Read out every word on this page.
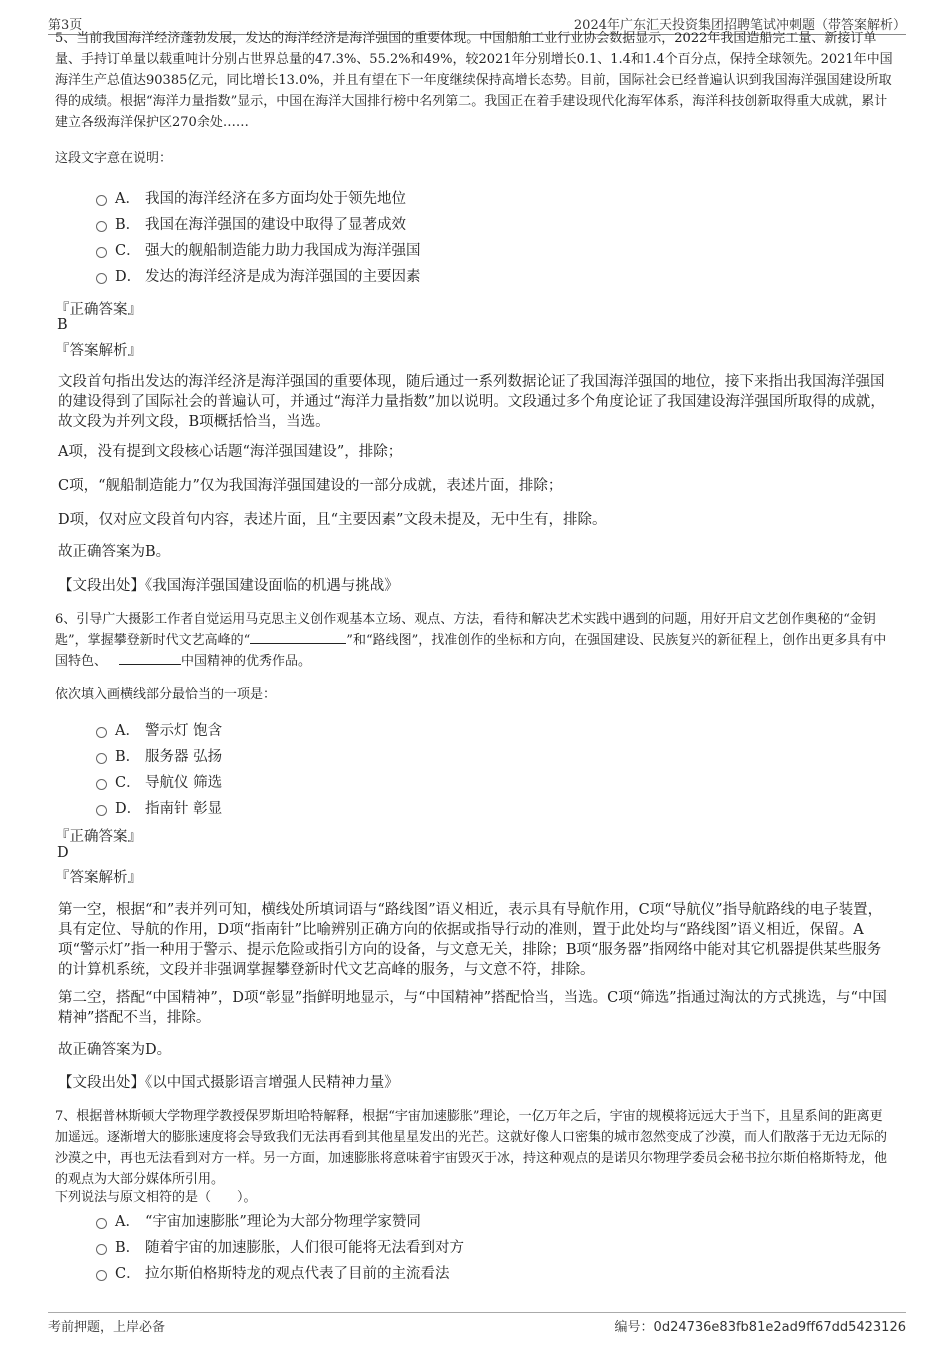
第3页	2024年广东汇天投资集团招聘笔试冲刺题（带答案解析）

5、当前我国海洋经济蓬勃发展，发达的海洋经济是海洋强国的重要体现。中国船舶工业行业协会数据显示，2022年我国造船完工量、新接订单量、手持订单量以载重吨计分别占世界总量的47.3%、55.2%和49%，较2021年分别增长0.1、1.4和1.4个百分点，保持全球领先。2021年中国海洋生产总值达90385亿元，同比增长13.0%，并且有望在下一年度继续保持高增长态势。目前，国际社会已经普遍认识到我国海洋强国建设所取得的成绩。根据“海洋力量指数”显示，中国在海洋大国排行榜中名列第二。我国正在着手建设现代化海军体系，海洋科技创新取得重大成就，累计建立各级海洋保护区270余处……

这段文字意在说明：

A． 我国的海洋经济在多方面均处于领先地位
B． 我国在海洋强国的建设中取得了显著成效
C． 强大的舰船制造能力助力我国成为海洋强国
D． 发达的海洋经济是成为海洋强国的主要因素

『正确答案』

B

『答案解析』

文段首句指出发达的海洋经济是海洋强国的重要体现，随后通过一系列数据论证了我国海洋强国的地位，接下来指出我国海洋强国的建设得到了国际社会的普遍认可，并通过“海洋力量指数”加以说明。文段通过多个角度论证了我国建设海洋强国所取得的成就，故文段为并列文段，B项概括恰当，当选。

A项，没有提到文段核心话题“海洋强国建设”，排除；

C项，“舰船制造能力”仅为我国海洋强国建设的一部分成就，表述片面，排除；

D项，仅对应文段首句内容，表述片面，且“主要因素”文段未提及，无中生有，排除。

故正确答案为B。

【文段出处】《我国海洋强国建设面临的机遇与挑战》

6、引导广大摄影工作者自觉运用马克思主义创作观基本立场、观点、方法，看待和解决艺术实践中遇到的问题，用好开启文艺创作奥秘的“金钥匙”，掌握攀登新时代文艺高峰的“	”和“路线图”，找准创作的坐标和方向，在强国建设、民族复兴的新征程上，创作出更多具有中国特色、	中国精神的优秀作品。

依次填入画横线部分最恰当的一项是：

A． 警示灯 饱含
B． 服务器 弘扬
C． 导航仪 筛选
D． 指南针 彰显

『正确答案』

D

『答案解析』

第一空，根据“和”表并列可知，横线处所填词语与“路线图”语义相近，表示具有导航作用，C项“导航仪”指导航路线的电子装置，具有定位、导航的作用，D项“指南针”比喻辨别正确方向的依据或指导行动的准则，置于此处均与“路线图”语义相近，保留。A项“警示灯”指一种用于警示、提示危险或指引方向的设备，与文意无关，排除；B项“服务器”指网络中能对其它机器提供某些服务的计算机系统，文段并非强调掌握攀登新时代文艺高峰的服务，与文意不符，排除。

第二空，搭配“中国精神”，D项“彰显”指鲜明地显示，与“中国精神”搭配恰当，当选。C项“筛选”指通过淘汰的方式挑选，与“中国精神”搭配不当，排除。

故正确答案为D。

【文段出处】《以中国式摄影语言增强人民精神力量》

7、根据普林斯顿大学物理学教授保罗斯坦哈特解释，根据“宇宙加速膨胀”理论，一亿万年之后，宇宙的规模将远远大于当下，且星系间的距离更加遥远。逐渐增大的膨胀速度将会导致我们无法再看到其他星星发出的光芒。这就好像人口密集的城市忽然变成了沙漠，而人们散落于无边无际的沙漠之中，再也无法看到对方一样。另一方面，加速膨胀将意味着宇宙毁灭于冰，持这种观点的是诺贝尔物理学委员会秘书拉尔斯伯格斯特龙，他的观点为大部分媒体所引用。

下列说法与原文相符的是（　　）。

A． “宇宙加速膨胀”理论为大部分物理学家赞同
B． 随着宇宙的加速膨胀，人们很可能将无法看到对方
C． 拉尔斯伯格斯特龙的观点代表了目前的主流看法
考前押题，上岸必备	编号：0d24736e83fb81e2ad9ff67dd5423126
